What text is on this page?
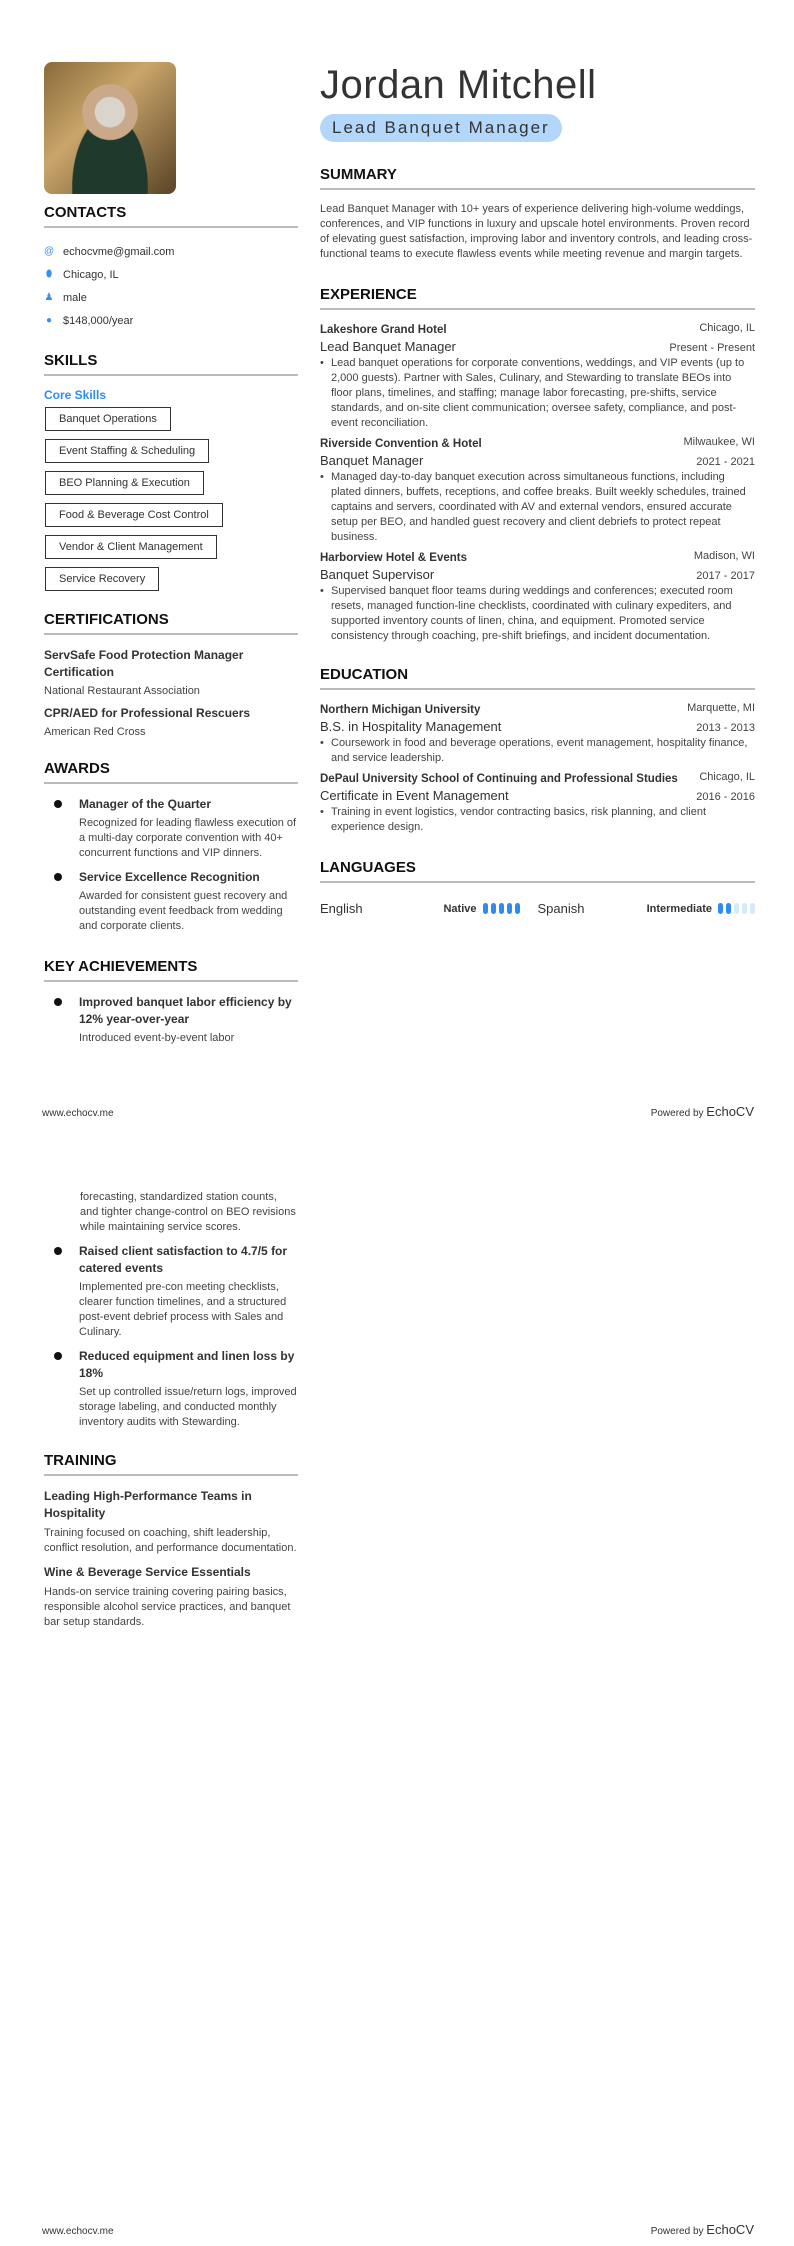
CONTACTS
@ echocvme@gmail.com
⬮ Chicago, IL
♟ male
● $148,000/year
SKILLS
Core Skills
Banquet Operations
Event Staffing & Scheduling
BEO Planning & Execution
Food & Beverage Cost Control
Vendor & Client Management
Service Recovery
CERTIFICATIONS
ServSafe Food Protection Manager Certification
National Restaurant Association
CPR/AED for Professional Rescuers
American Red Cross
AWARDS
Manager of the Quarter
Recognized for leading flawless execution of a multi-day corporate convention with 40+ concurrent functions and VIP dinners.
Service Excellence Recognition
Awarded for consistent guest recovery and outstanding event feedback from wedding and corporate clients.
KEY ACHIEVEMENTS
Improved banquet labor efficiency by 12% year-over-year
Introduced event-by-event labor
Jordan Mitchell
Lead Banquet Manager
SUMMARY
Lead Banquet Manager with 10+ years of experience delivering high-volume weddings, conferences, and VIP functions in luxury and upscale hotel environments. Proven record of elevating guest satisfaction, improving labor and inventory controls, and leading cross-functional teams to execute flawless events while meeting revenue and margin targets.
EXPERIENCE
Lakeshore Grand Hotel	Chicago, IL
Lead Banquet Manager	Present - Present
• Lead banquet operations for corporate conventions, weddings, and VIP events (up to 2,000 guests). Partner with Sales, Culinary, and Stewarding to translate BEOs into floor plans, timelines, and staffing; manage labor forecasting, pre-shifts, service standards, and on-site client communication; oversee safety, compliance, and post-event reconciliation.
Riverside Convention & Hotel	Milwaukee, WI
Banquet Manager	2021 - 2021
• Managed day-to-day banquet execution across simultaneous functions, including plated dinners, buffets, receptions, and coffee breaks. Built weekly schedules, trained captains and servers, coordinated with AV and external vendors, ensured accurate setup per BEO, and handled guest recovery and client debriefs to protect repeat business.
Harborview Hotel & Events	Madison, WI
Banquet Supervisor	2017 - 2017
• Supervised banquet floor teams during weddings and conferences; executed room resets, managed function-line checklists, coordinated with culinary expediters, and supported inventory counts of linen, china, and equipment. Promoted service consistency through coaching, pre-shift briefings, and incident documentation.
EDUCATION
Northern Michigan University	Marquette, MI
B.S. in Hospitality Management	2013 - 2013
• Coursework in food and beverage operations, event management, hospitality finance, and service leadership.
DePaul University School of Continuing and Professional Studies Chicago, IL
Certificate in Event Management	2016 - 2016
• Training in event logistics, vendor contracting basics, risk planning, and client experience design.
LANGUAGES
English	Native	Spanish	Intermediate
www.echocv.me	Powered by EchoCV
forecasting, standardized station counts, and tighter change-control on BEO revisions while maintaining service scores.
Raised client satisfaction to 4.7/5 for catered events
Implemented pre-con meeting checklists, clearer function timelines, and a structured post-event debrief process with Sales and Culinary.
Reduced equipment and linen loss by 18%
Set up controlled issue/return logs, improved storage labeling, and conducted monthly inventory audits with Stewarding.
TRAINING
Leading High-Performance Teams in Hospitality
Training focused on coaching, shift leadership, conflict resolution, and performance documentation.
Wine & Beverage Service Essentials
Hands-on service training covering pairing basics, responsible alcohol service practices, and banquet bar setup standards.
www.echocv.me	Powered by EchoCV
